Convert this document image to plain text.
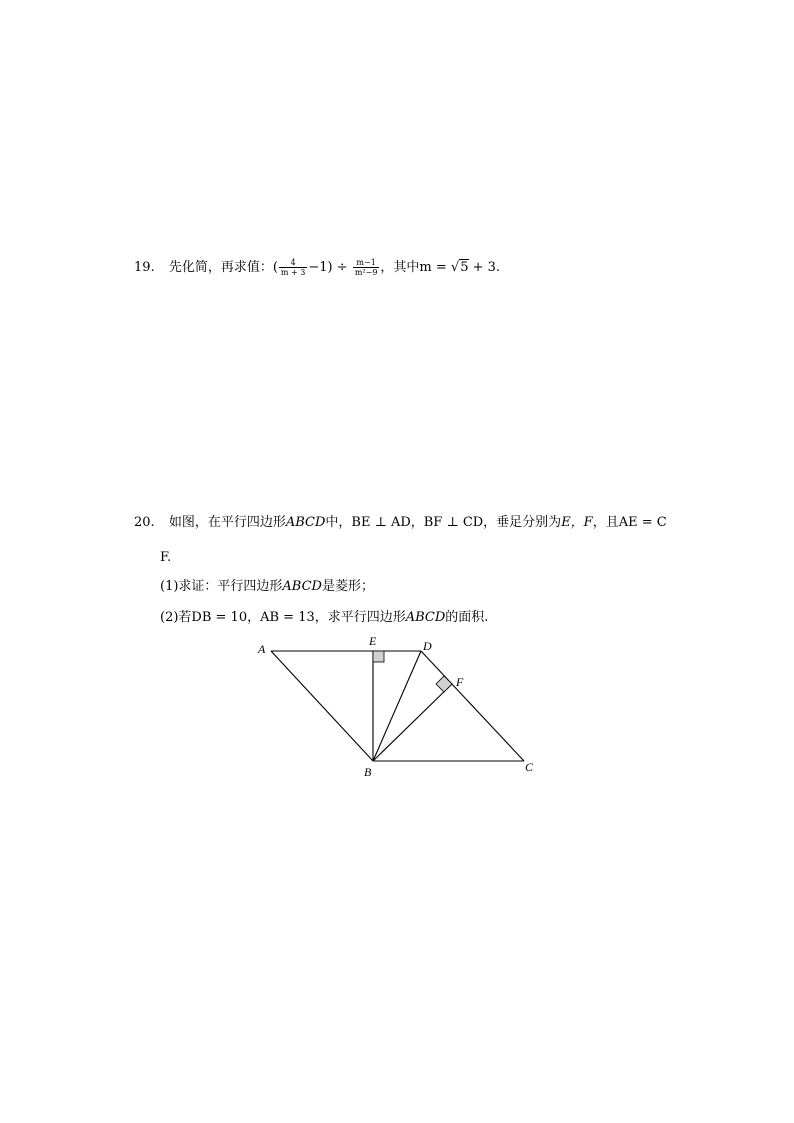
19. 先化简，再求值：( $\frac{4}{m + 3} -1) \div \frac{m-1}{\text{m²−9}}$ ，其中m = √5 + 3.
20. 如图，在平行四边形ABCD中，BE ⊥ AD，BF ⊥ CD，垂足分别为E，F，且AE = C
F.
(1)求证：平行四边形ABCD是菱形；
(2)若DB = 10，AB = 13，求平行四边形ABCD的面积.
A
E	D
F
B	C
